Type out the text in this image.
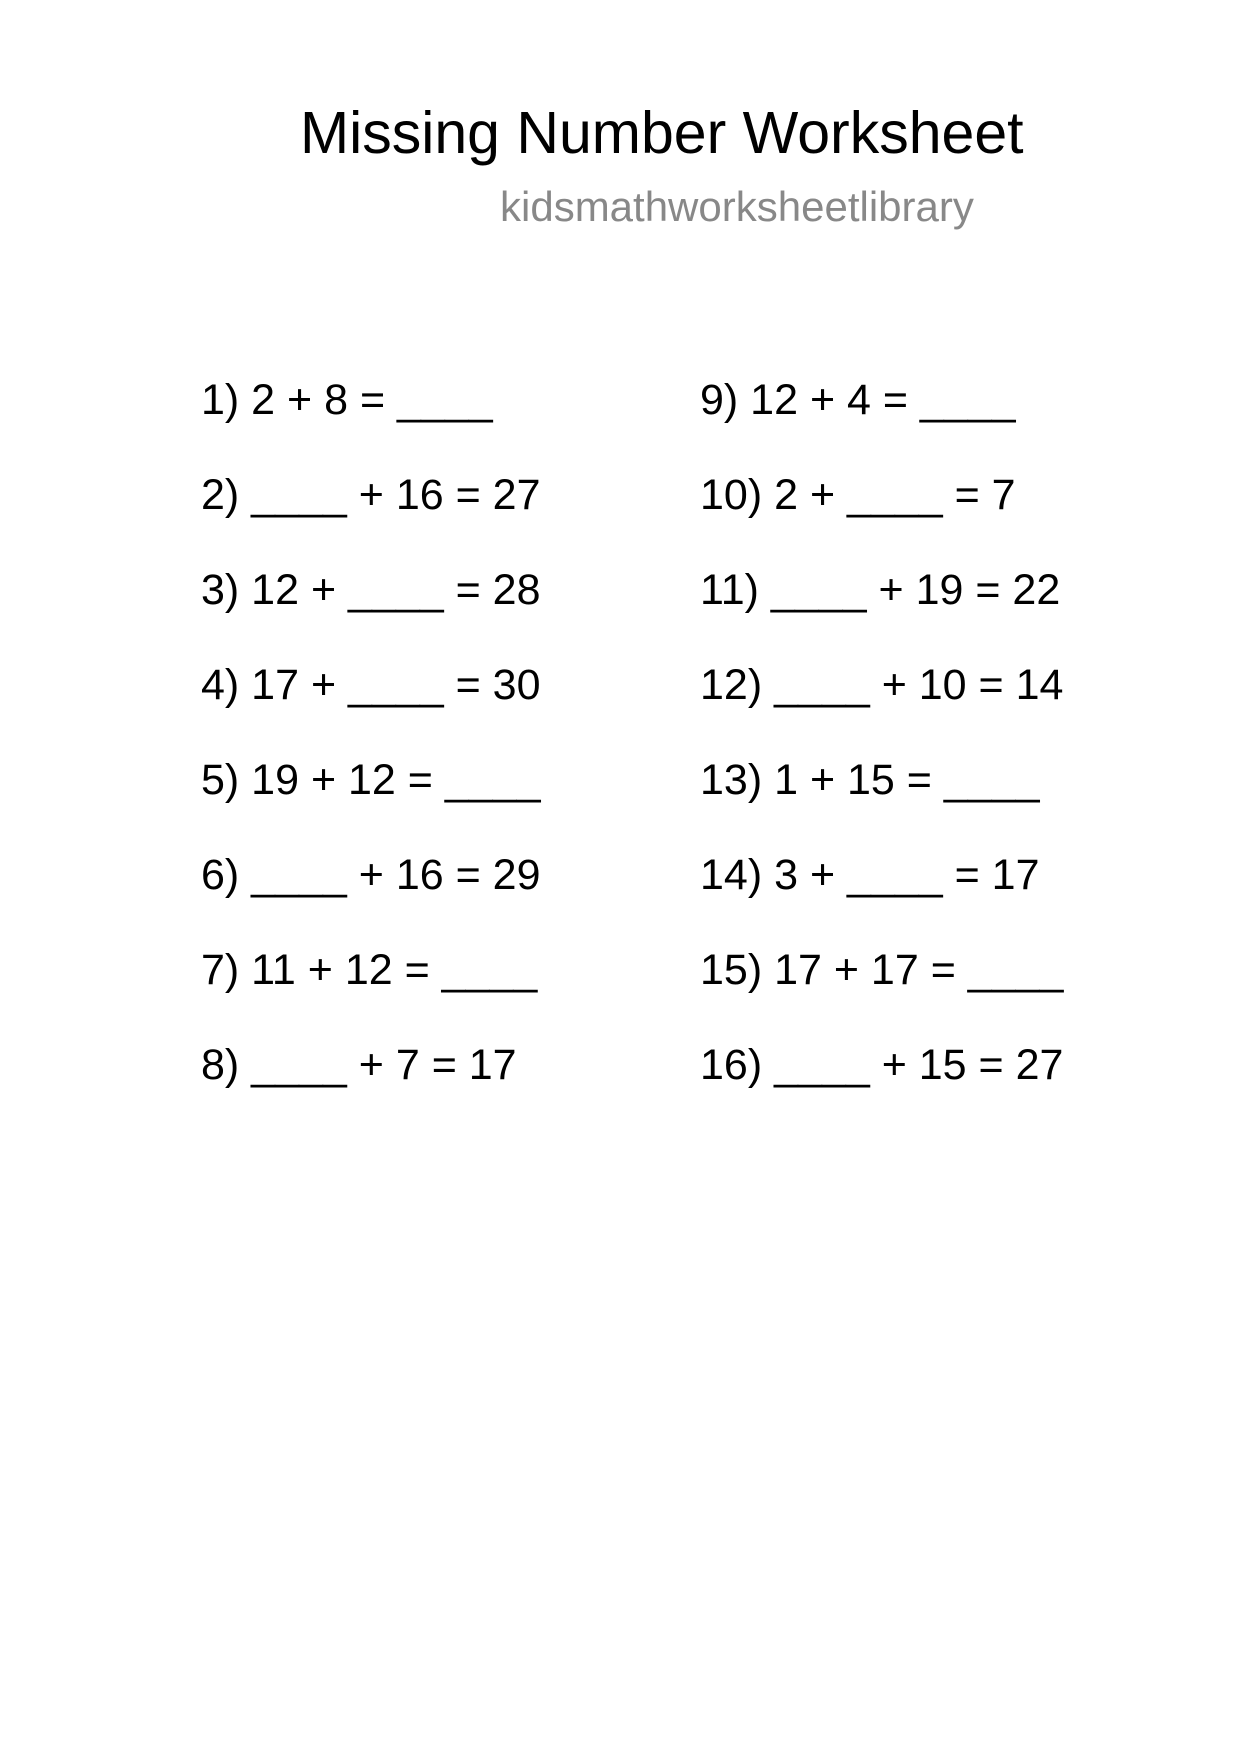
Missing Number Worksheet
kidsmathworksheetlibrary
1) 2 + 8 = ____
2) ____ + 16 = 27
3) 12 + ____ = 28
4) 17 + ____ = 30
5) 19 + 12 = ____
6) ____ + 16 = 29
7) 11 + 12 = ____
8) ____ + 7 = 17
9) 12 + 4 = ____
10) 2 + ____ = 7
11) ____ + 19 = 22
12) ____ + 10 = 14
13) 1 + 15 = ____
14) 3 + ____ = 17
15) 17 + 17 = ____
16) ____ + 15 = 27
